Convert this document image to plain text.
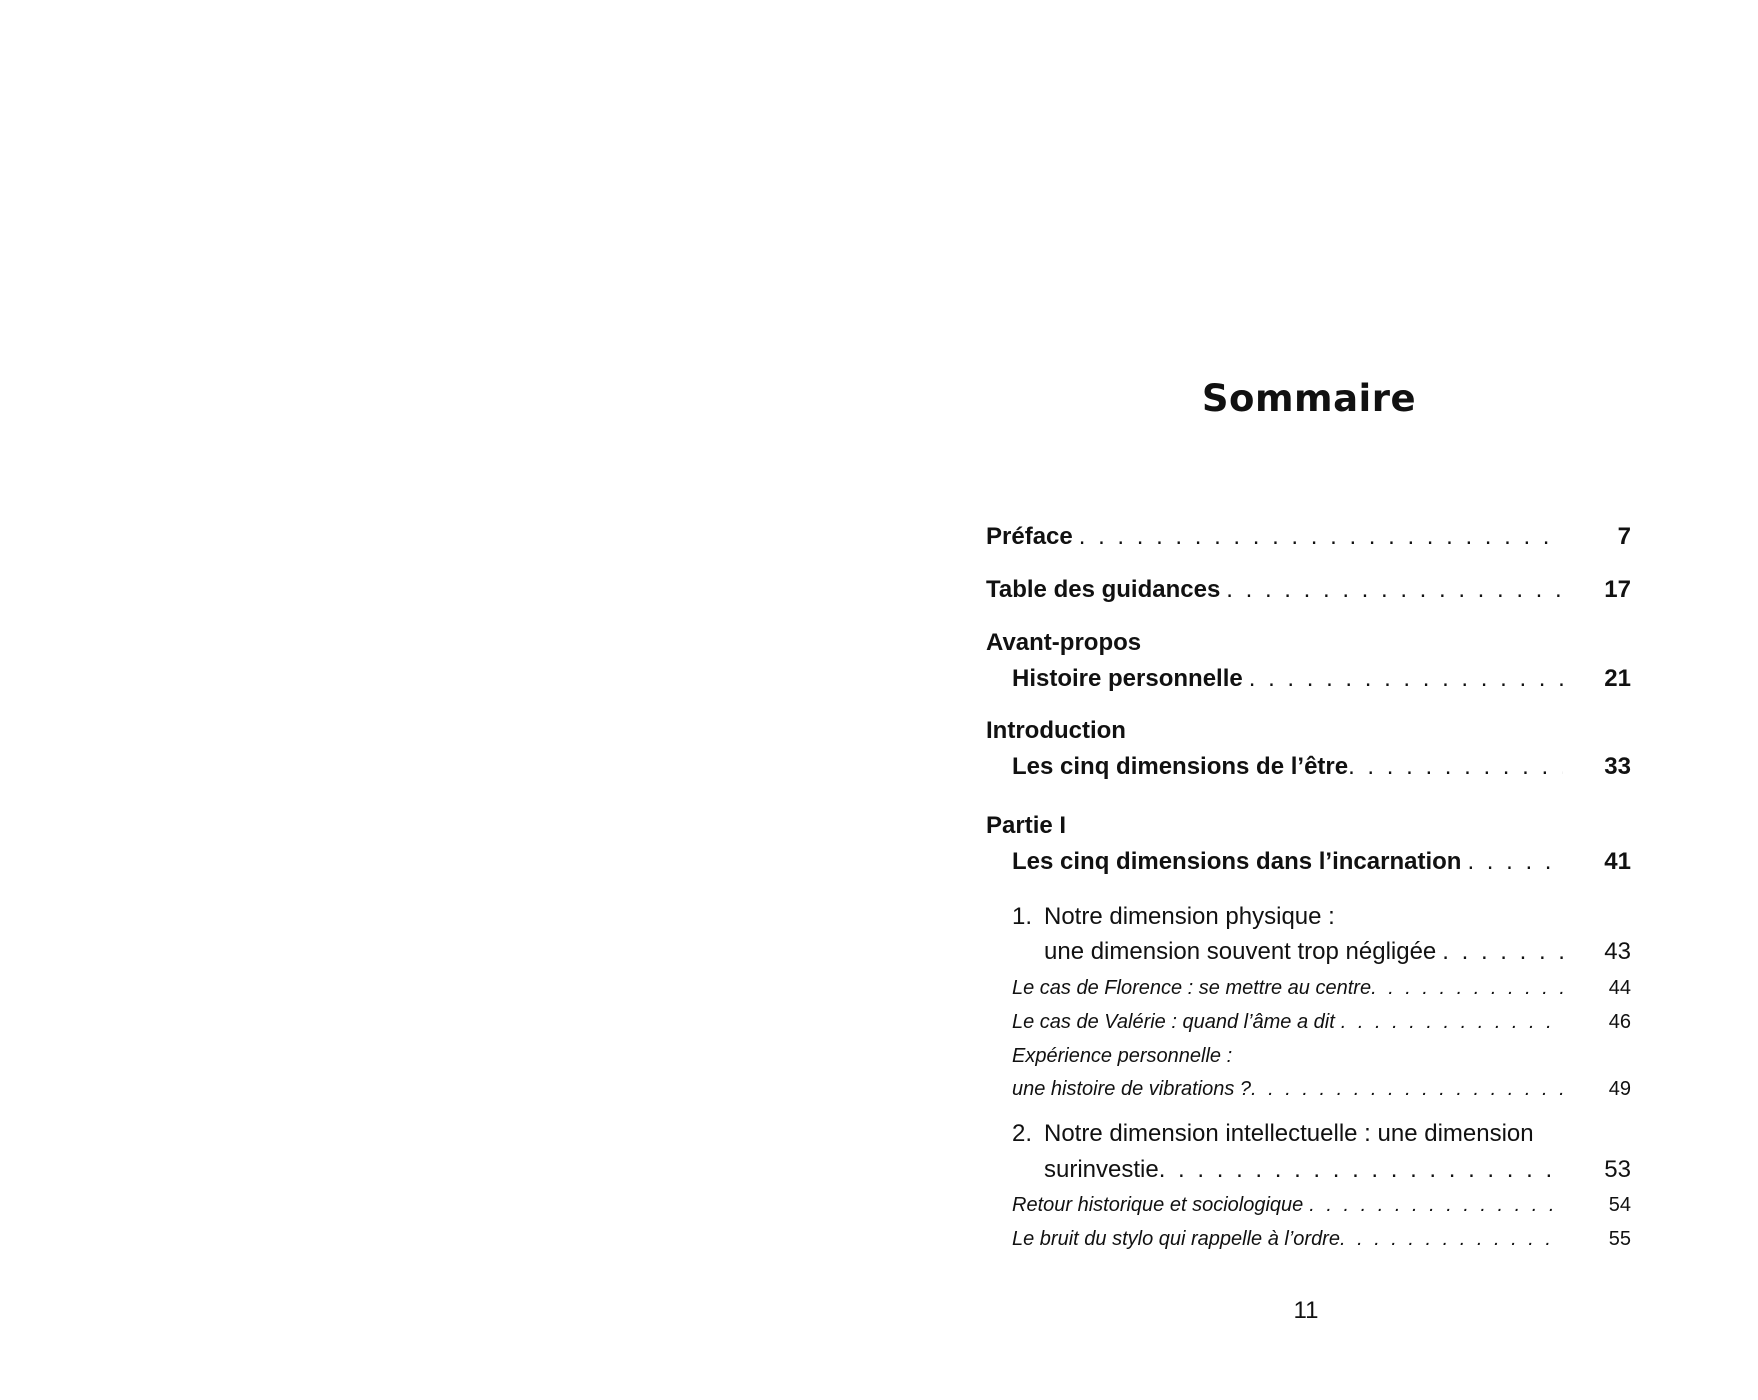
Sommaire
Préface . . .	7
Table des guidances . . .	17
Avant-propos
Histoire personnelle . . .	21
Introduction
Les cinq dimensions de l’être . . .	33
Partie I
Les cinq dimensions dans l’incarnation . . .	41
1. Notre dimension physique :
une dimension souvent trop négligée . . .	43
Le cas de Florence : se mettre au centre . . .	44
Le cas de Valérie : quand l’âme a dit . . .	46
Expérience personnelle :
une histoire de vibrations ? . . .	49
2. Notre dimension intellectuelle : une dimension
surinvestie . . .	53
Retour historique et sociologique . . .	54
Le bruit du stylo qui rappelle à l’ordre . . .	55
11
